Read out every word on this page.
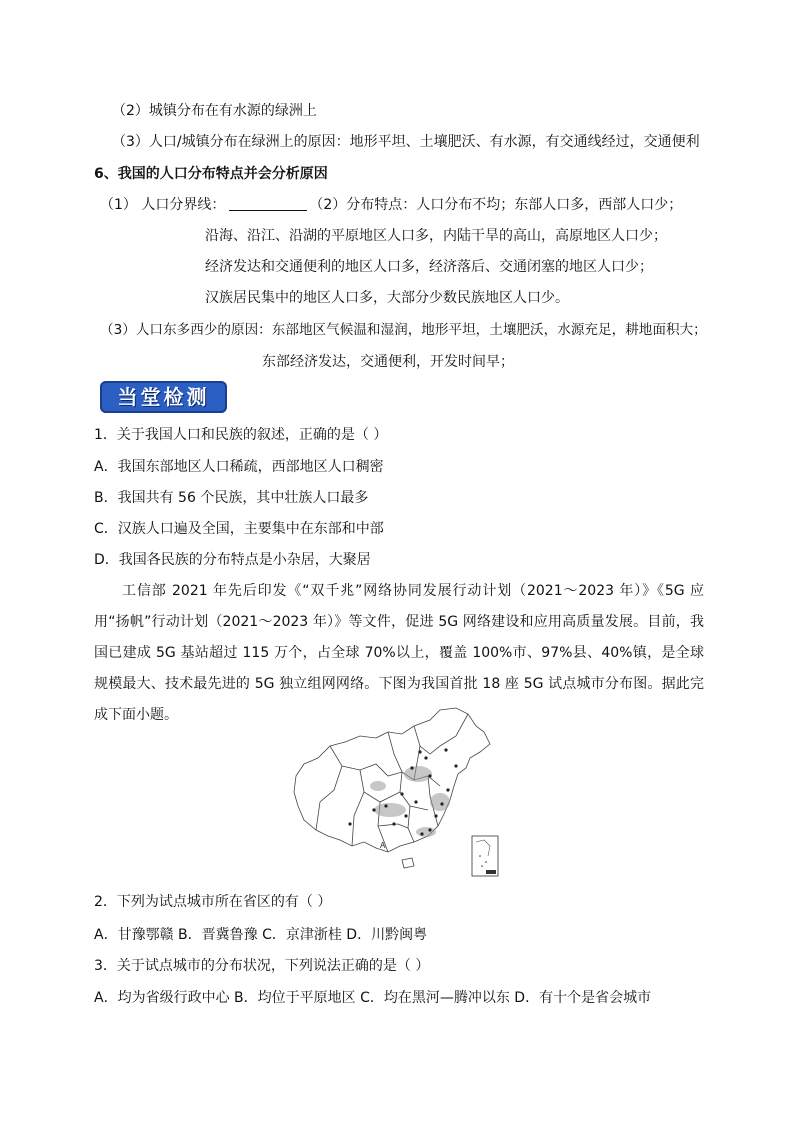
（2）城镇分布在有水源的绿洲上
（3）人口/城镇分布在绿洲上的原因：地形平坦、土壤肥沃、有水源，有交通线经过，交通便利
6、我国的人口分布特点并会分析原因
（1） 人口分界线：	（2）分布特点：人口分布不均；东部人口多，西部人口少；
沿海、沿江、沿湖的平原地区人口多，内陆干旱的高山，高原地区人口少；
经济发达和交通便利的地区人口多，经济落后、交通闭塞的地区人口少；
汉族居民集中的地区人口多，大部分少数民族地区人口少。
（3）人口东多西少的原因：东部地区气候温和湿润，地形平坦，土壤肥沃，水源充足，耕地面积大；
东部经济发达，交通便利，开发时间早；
当堂检测
1．关于我国人口和民族的叙述，正确的是（ ）
A．我国东部地区人口稀疏，西部地区人口稠密
B．我国共有 56 个民族，其中壮族人口最多
C．汉族人口遍及全国，主要集中在东部和中部
D．我国各民族的分布特点是小杂居，大聚居

工信部 2021 年先后印发《“双千兆”网络协同发展行动计划（2021～2023 年）》《5G 应用“扬帆”行动计划（2021～2023 年）》等文件，促进 5G 网络建设和应用高质量发展。目前，我国已建成 5G 基站超过 115 万个，占全球 70%以上，覆盖 100%市、97%县、40%镇，是全球规模最大、技术最先进的 5G 独立组网网络。下图为我国首批 18 座 5G 试点城市分布图。据此完成下面小题。

A
2．下列为试点城市所在省区的有（ ）
A．甘豫鄂赣 B．晋冀鲁豫 C．京津浙桂 D．川黔闽粤
3．关于试点城市的分布状况，下列说法正确的是（ ）
A．均为省级行政中心 B．均位于平原地区 C．均在黑河—腾冲以东 D．有十个是省会城市
